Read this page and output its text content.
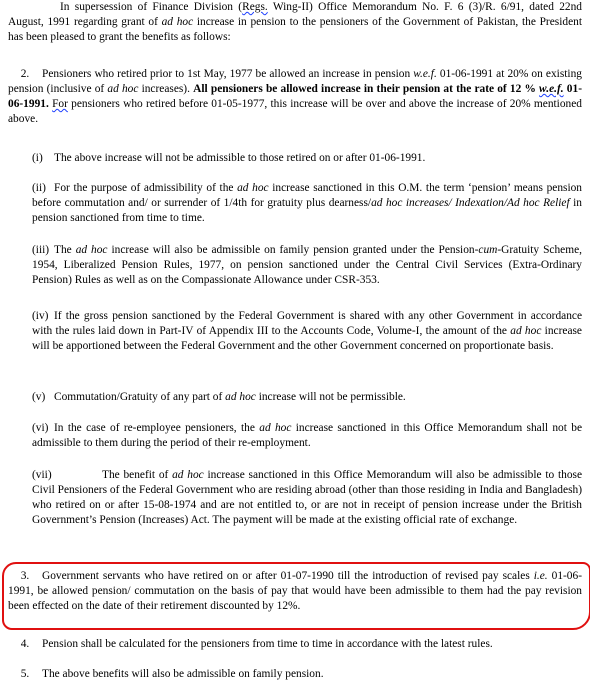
In supersession of Finance Division (Regs. Wing-II) Office Memorandum No. F. 6 (3)/R. 6/91, dated 22nd August, 1991 regarding grant of ad hoc increase in pension to the pensioners of the Government of Pakistan, the President has been pleased to grant the benefits as follows:

2. Pensioners who retired prior to 1st May, 1977 be allowed an increase in pension w.e.f. 01-06-1991 at 20% on existing pension (inclusive of ad hoc increases). All pensioners be allowed increase in their pension at the rate of 12 % w.e.f. 01-06-1991. For pensioners who retired before 01-05-1977, this increase will be over and above the increase of 20% mentioned above.

(i) The above increase will not be admissible to those retired on or after 01-06-1991.

(ii) For the purpose of admissibility of the ad hoc increase sanctioned in this O.M. the term ‘pension’ means pension before commutation and/ or surrender of 1/4th for gratuity plus dearness/ad hoc increases/ Indexation/Ad hoc Relief in pension sanctioned from time to time.

(iii) The ad hoc increase will also be admissible on family pension granted under the Pension-cum-Gratuity Scheme, 1954, Liberalized Pension Rules, 1977, on pension sanctioned under the Central Civil Services (Extra-Ordinary Pension) Rules as well as on the Compassionate Allowance under CSR-353.

(iv) If the gross pension sanctioned by the Federal Government is shared with any other Government in accordance with the rules laid down in Part-IV of Appendix III to the Accounts Code, Volume-I, the amount of the ad hoc increase will be apportioned between the Federal Government and the other Government concerned on proportionate basis.

(v) Commutation/Gratuity of any part of ad hoc increase will not be permissible.

(vi) In the case of re-employee pensioners, the ad hoc increase sanctioned in this Office Memorandum shall not be admissible to them during the period of their re-employment.

(vii)	The benefit of ad hoc increase sanctioned in this Office Memorandum will also be admissible to those Civil Pensioners of the Federal Government who are residing abroad (other than those residing in India and Bangladesh) who retired on or after 15-08-1974 and are not entitled to, or are not in receipt of pension increase under the British Government’s Pension (Increases) Act. The payment will be made at the existing official rate of exchange.

3. Government servants who have retired on or after 01-07-1990 till the introduction of revised pay scales i.e. 01-06-1991, be allowed pension/ commutation on the basis of pay that would have been admissible to them had the pay revision been effected on the date of their retirement discounted by 12%.

4. Pension shall be calculated for the pensioners from time to time in accordance with the latest rules.

5. The above benefits will also be admissible on family pension.
